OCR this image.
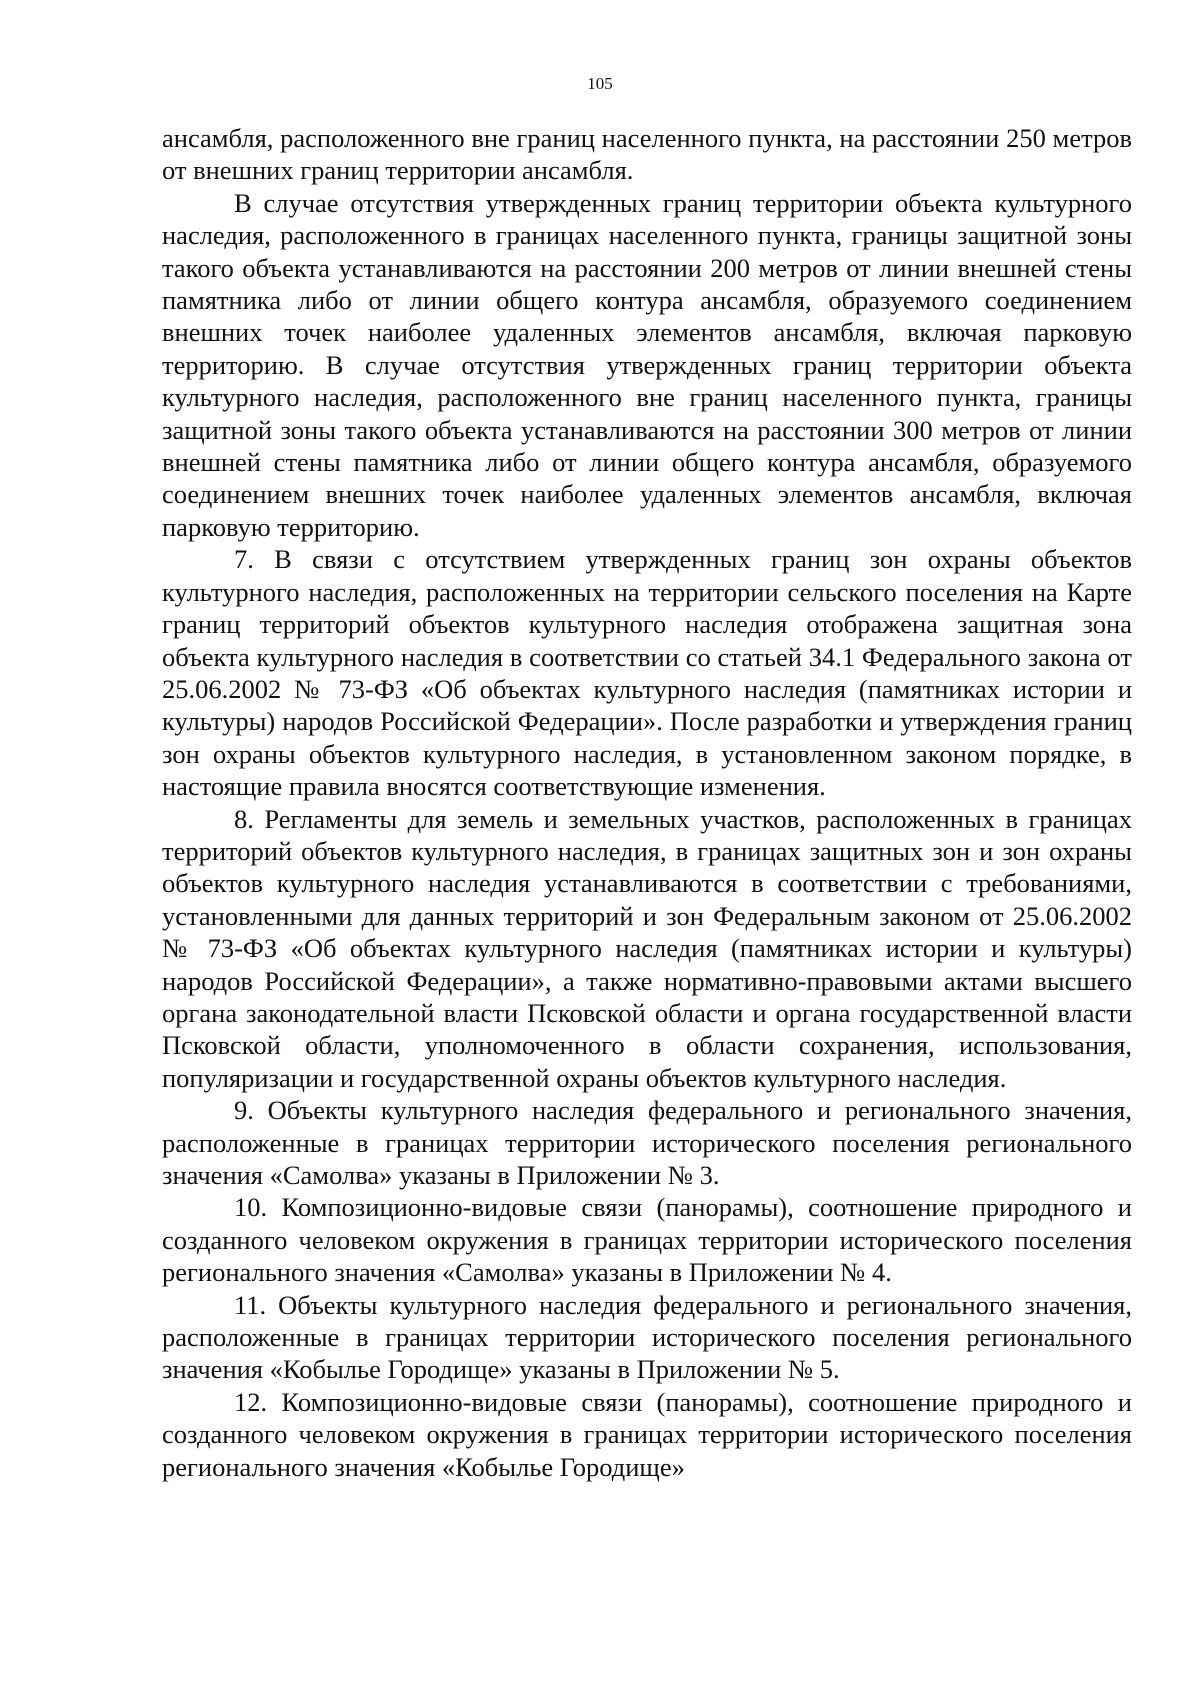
105

ансамбля, расположенного вне границ населенного пункта, на расстоянии 250 метров от внешних границ территории ансамбля.

В случае отсутствия утвержденных границ территории объекта культурного наследия, расположенного в границах населенного пункта, границы защитной зоны такого объекта устанавливаются на расстоянии 200 метров от линии внешней стены памятника либо от линии общего контура ансамбля, образуемого соединением внешних точек наиболее удаленных элементов ансамбля, включая парковую территорию. В случае отсутствия утвержденных границ территории объекта культурного наследия, расположенного вне границ населенного пункта, границы защитной зоны такого объекта устанавливаются на расстоянии 300 метров от линии внешней стены памятника либо от линии общего контура ансамбля, образуемого соединением внешних точек наиболее удаленных элементов ансамбля, включая парковую территорию.

7. В связи с отсутствием утвержденных границ зон охраны объектов культурного наследия, расположенных на территории сельского поселения на Карте границ территорий объектов культурного наследия отображена защитная зона объекта культурного наследия в соответствии со статьей 34.1 Федерального закона от 25.06.2002 № 73-ФЗ «Об объектах культурного наследия (памятниках истории и культуры) народов Российской Федерации». После разработки и утверждения границ зон охраны объектов культурного наследия, в установленном законом порядке, в настоящие правила вносятся соответствующие изменения.

8. Регламенты для земель и земельных участков, расположенных в границах территорий объектов культурного наследия, в границах защитных зон и зон охраны объектов культурного наследия устанавливаются в соответствии с требованиями, установленными для данных территорий и зон Федеральным законом от 25.06.2002 № 73-ФЗ «Об объектах культурного наследия (памятниках истории и культуры) народов Российской Федерации», а также нормативно-правовыми актами высшего органа законодательной власти Псковской области и органа государственной власти Псковской области, уполномоченного в области сохранения, использования, популяризации и государственной охраны объектов культурного наследия.

9. Объекты культурного наследия федерального и регионального значения, расположенные в границах территории исторического поселения регионального значения «Самолва» указаны в Приложении № 3.

10. Композиционно-видовые связи (панорамы), соотношение природного и созданного человеком окружения в границах территории исторического поселения регионального значения «Самолва» указаны в Приложении № 4.

11. Объекты культурного наследия федерального и регионального значения, расположенные в границах территории исторического поселения регионального значения «Кобылье Городище» указаны в Приложении № 5.

12. Композиционно-видовые связи (панорамы), соотношение природного и созданного человеком окружения в границах территории исторического поселения регионального значения «Кобылье Городище»
